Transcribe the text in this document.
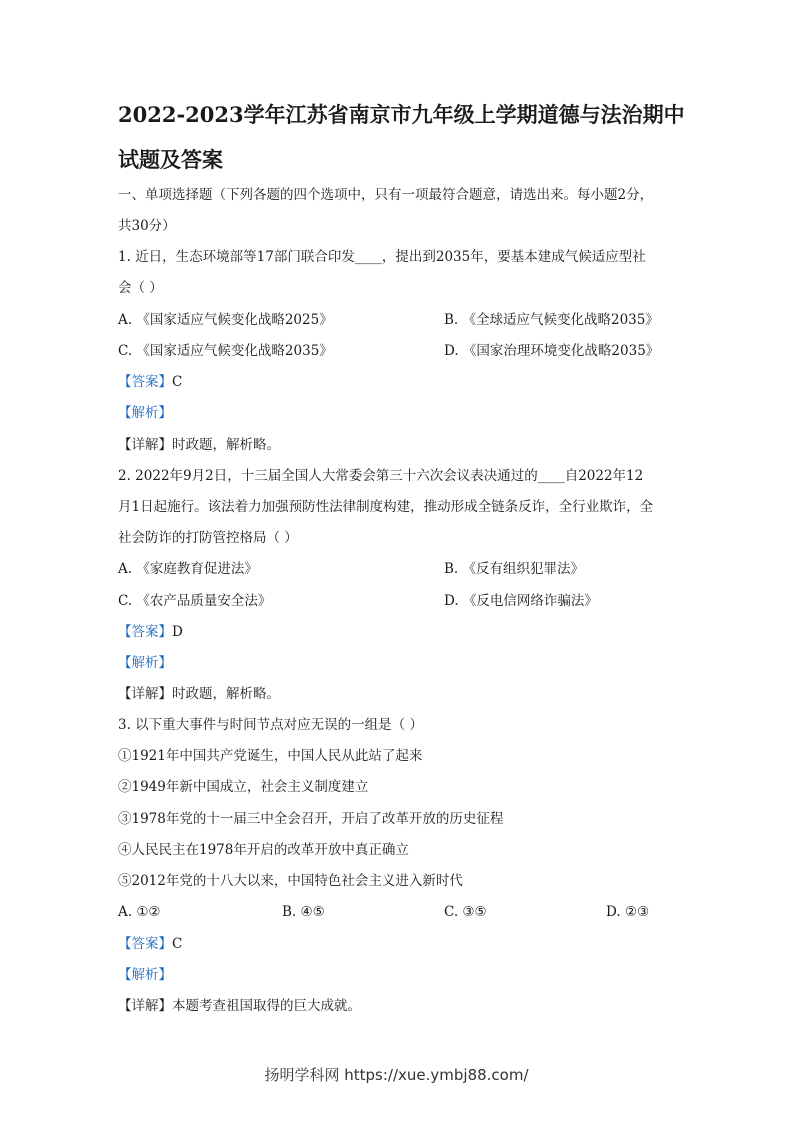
2022-2023学年江苏省南京市九年级上学期道德与法治期中
试题及答案
一、单项选择题（下列各题的四个选项中，只有一项最符合题意，请选出来。每小题2分，
共30分）
1. 近日，生态环境部等17部门联合印发____，提出到2035年，要基本建成气候适应型社
会（ ）
A. 《国家适应气候变化战略2025》	B. 《全球适应气候变化战略2035》
C. 《国家适应气候变化战略2035》	D. 《国家治理环境变化战略2035》
【答案】C
【解析】
【详解】时政题，解析略。
2. 2022年9月2日，十三届全国人大常委会第三十六次会议表决通过的____自2022年12
月1日起施行。该法着力加强预防性法律制度构建，推动形成全链条反诈，全行业欺诈，全
社会防诈的打防管控格局（ ）
A. 《家庭教育促进法》	B. 《反有组织犯罪法》
C. 《农产品质量安全法》	D. 《反电信网络诈骗法》
【答案】D
【解析】
【详解】时政题，解析略。
3. 以下重大事件与时间节点对应无误的一组是（ ）
①1921年中国共产党诞生，中国人民从此站了起来
②1949年新中国成立，社会主义制度建立
③1978年党的十一届三中全会召开，开启了改革开放的历史征程
④人民民主在1978年开启的改革开放中真正确立
⑤2012年党的十八大以来，中国特色社会主义进入新时代
A. ①②	B. ④⑤	C. ③⑤	D. ②③
【答案】C
【解析】
【详解】本题考查祖国取得的巨大成就。
扬明学科网 https://xue.ymbj88.com/
